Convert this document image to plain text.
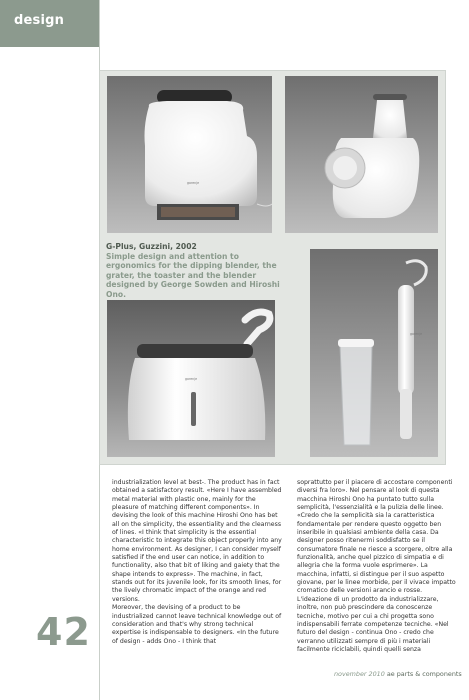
design
gorenje
G-Plus, Guzzini, 2002
Simple design and attention to ergonomics for the dipping blender, the grater, the toaster and the blender designed by George Sowden and Hiroshi Ono.
gorenje
gorenje

industrialization level at best-. The product has in fact obtained a satisfactory result. «Here I have assembled metal material with plastic one, mainly for the pleasure of matching different components». In devising the look of this machine Hiroshi Ono has bet all on the simplicity, the essentiality and the clearness of lines. «I think that simplicity is the essential characteristic to integrate this object properly into any home environment. As designer, I can consider myself satisfied if the end user can notice, in addition to functionality, also that bit of liking and gaiety that the shape intends to express». The machine, in fact, stands out for its juvenile look, for its smooth lines, for the lively chromatic impact of the orange and red versions.

Moreover, the devising of a product to be industrialized cannot leave technical knowledge out of consideration and that's why strong technical expertise is indispensable to designers. «In the future of design - adds Ono - I think that

soprattutto per il piacere di accostare componenti diversi fra loro». Nel pensare al look di questa macchina Hiroshi Ono ha puntato tutto sulla semplicità, l'essenzialità e la pulizia delle linee. «Credo che la semplicità sia la caratteristica fondamentale per rendere questo oggetto ben inseribile in qualsiasi ambiente della casa. Da designer posso ritenermi soddisfatto se il consumatore finale ne riesce a scorgere, oltre alla funzionalità, anche quel pizzico di simpatia e di allegria che la forma vuole esprimere». La macchina, infatti, si distingue per il suo aspetto giovane, per le linee morbide, per il vivace impatto cromatico delle versioni arancio e rosse.

L'ideazione di un prodotto da industrializzare, inoltre, non può prescindere da conoscenze tecniche, motivo per cui a chi progetta sono indispensabili ferrate competenze tecniche. «Nel futuro del design - continua Ono - credo che verranno utilizzati sempre di più i materiali facilmente riciclabili, quindi quelli senza

42
november 2010 ae parts & components
